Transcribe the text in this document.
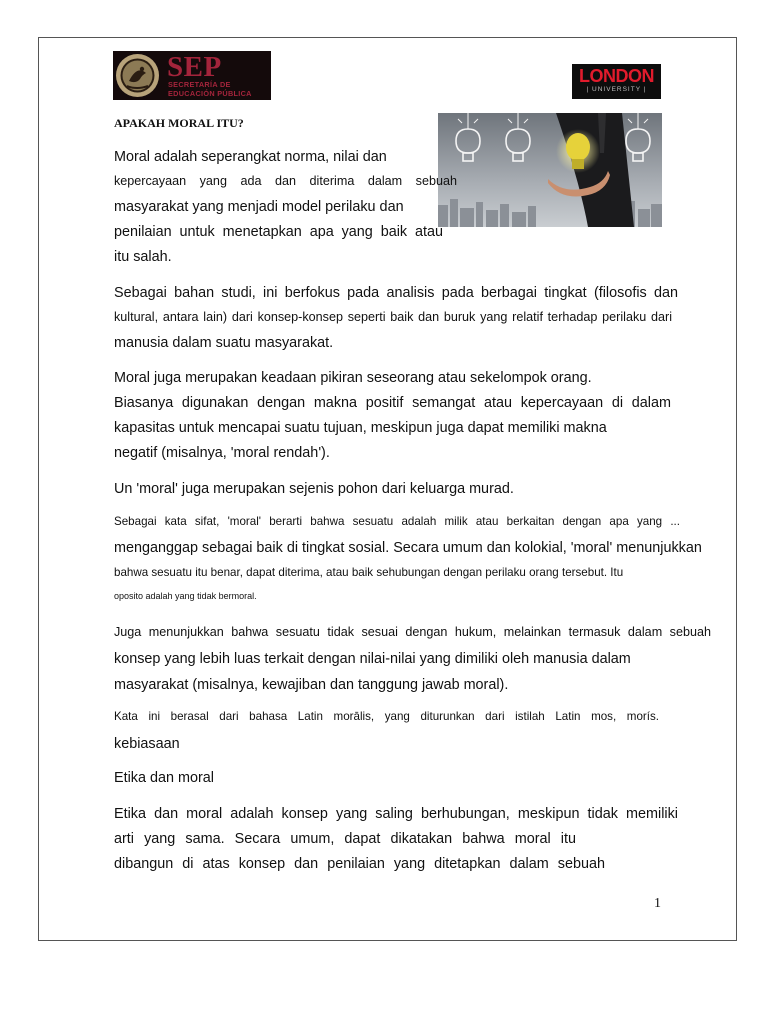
SEP
SECRETARÍA DE
EDUCACIÓN PÚBLICA
LONDON
| UNIVERSITY |
APAKAH MORAL ITU?
Moral adalah seperangkat norma, nilai dan
kepercayaan yang ada dan diterima dalam sebuah
masyarakat yang menjadi model perilaku dan
penilaian untuk menetapkan apa yang baik atau
itu salah.
Sebagai bahan studi, ini berfokus pada analisis pada berbagai tingkat (filosofis dan
kultural, antara lain) dari konsep-konsep seperti baik dan buruk yang relatif terhadap perilaku dari
manusia dalam suatu masyarakat.
Moral juga merupakan keadaan pikiran seseorang atau sekelompok orang.
Biasanya digunakan dengan makna positif semangat atau kepercayaan di dalam
kapasitas untuk mencapai suatu tujuan, meskipun juga dapat memiliki makna
negatif (misalnya, 'moral rendah').
Un 'moral' juga merupakan sejenis pohon dari keluarga murad.
Sebagai kata sifat, 'moral' berarti bahwa sesuatu adalah milik atau berkaitan dengan apa yang ...
menganggap sebagai baik di tingkat sosial. Secara umum dan kolokial, 'moral' menunjukkan
bahwa sesuatu itu benar, dapat diterima, atau baik sehubungan dengan perilaku orang tersebut. Itu
oposito adalah yang tidak bermoral.
Juga menunjukkan bahwa sesuatu tidak sesuai dengan hukum, melainkan termasuk dalam sebuah
konsep yang lebih luas terkait dengan nilai-nilai yang dimiliki oleh manusia dalam
masyarakat (misalnya, kewajiban dan tanggung jawab moral).
Kata ini berasal dari bahasa Latin morālis, yang diturunkan dari istilah Latin mos, morís.
kebiasaan
Etika dan moral
Etika dan moral adalah konsep yang saling berhubungan, meskipun tidak memiliki
arti yang sama. Secara umum, dapat dikatakan bahwa moral itu
dibangun di atas konsep dan penilaian yang ditetapkan dalam sebuah
1
